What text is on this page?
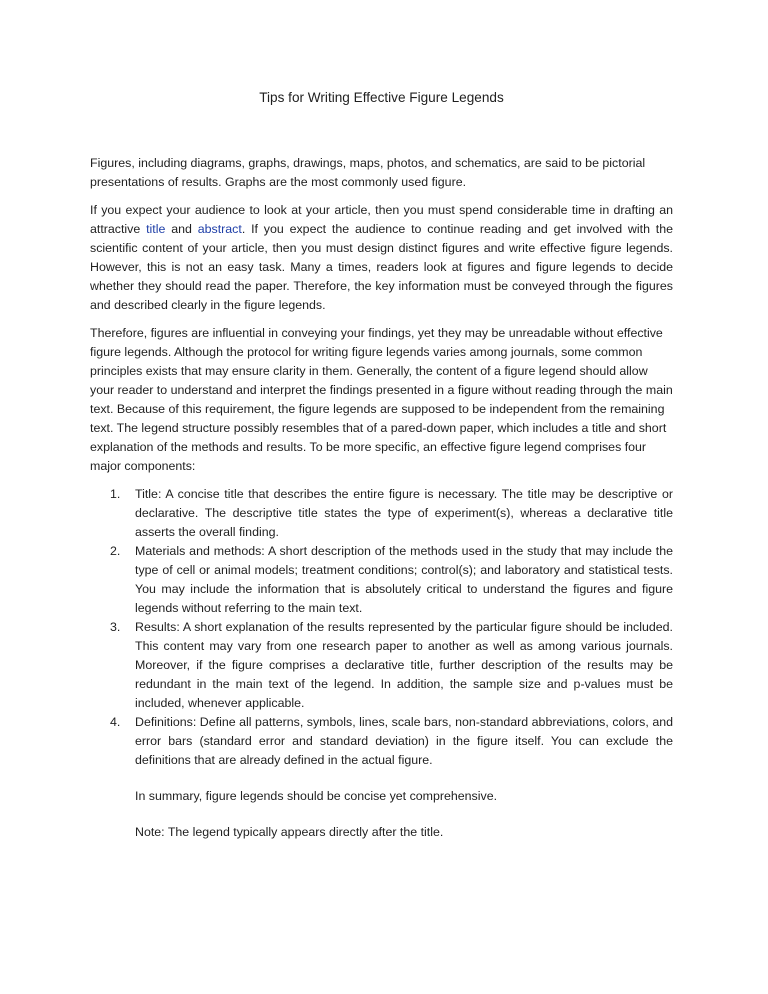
Tips for Writing Effective Figure Legends

Figures, including diagrams, graphs, drawings, maps, photos, and schematics, are said to be pictorial presentations of results. Graphs are the most commonly used figure.

If you expect your audience to look at your article, then you must spend considerable time in drafting an attractive title and abstract. If you expect the audience to continue reading and get involved with the scientific content of your article, then you must design distinct figures and write effective figure legends. However, this is not an easy task. Many a times, readers look at figures and figure legends to decide whether they should read the paper. Therefore, the key information must be conveyed through the figures and described clearly in the figure legends.

Therefore, figures are influential in conveying your findings, yet they may be unreadable without effective figure legends. Although the protocol for writing figure legends varies among journals, some common principles exists that may ensure clarity in them. Generally, the content of a figure legend should allow your reader to understand and interpret the findings presented in a figure without reading through the main text. Because of this requirement, the figure legends are supposed to be independent from the remaining text. The legend structure possibly resembles that of a pared-down paper, which includes a title and short explanation of the methods and results. To be more specific, an effective figure legend comprises four major components:

1. Title: A concise title that describes the entire figure is necessary. The title may be descriptive or declarative. The descriptive title states the type of experiment(s), whereas a declarative title asserts the overall finding.
2. Materials and methods: A short description of the methods used in the study that may include the type of cell or animal models; treatment conditions; control(s); and laboratory and statistical tests. You may include the information that is absolutely critical to understand the figures and figure legends without referring to the main text.
3. Results: A short explanation of the results represented by the particular figure should be included. This content may vary from one research paper to another as well as among various journals. Moreover, if the figure comprises a declarative title, further description of the results may be redundant in the main text of the legend. In addition, the sample size and p-values must be included, whenever applicable.
4. Definitions: Define all patterns, symbols, lines, scale bars, non-standard abbreviations, colors, and error bars (standard error and standard deviation) in the figure itself. You can exclude the definitions that are already defined in the actual figure.

In summary, figure legends should be concise yet comprehensive.

Note: The legend typically appears directly after the title.
